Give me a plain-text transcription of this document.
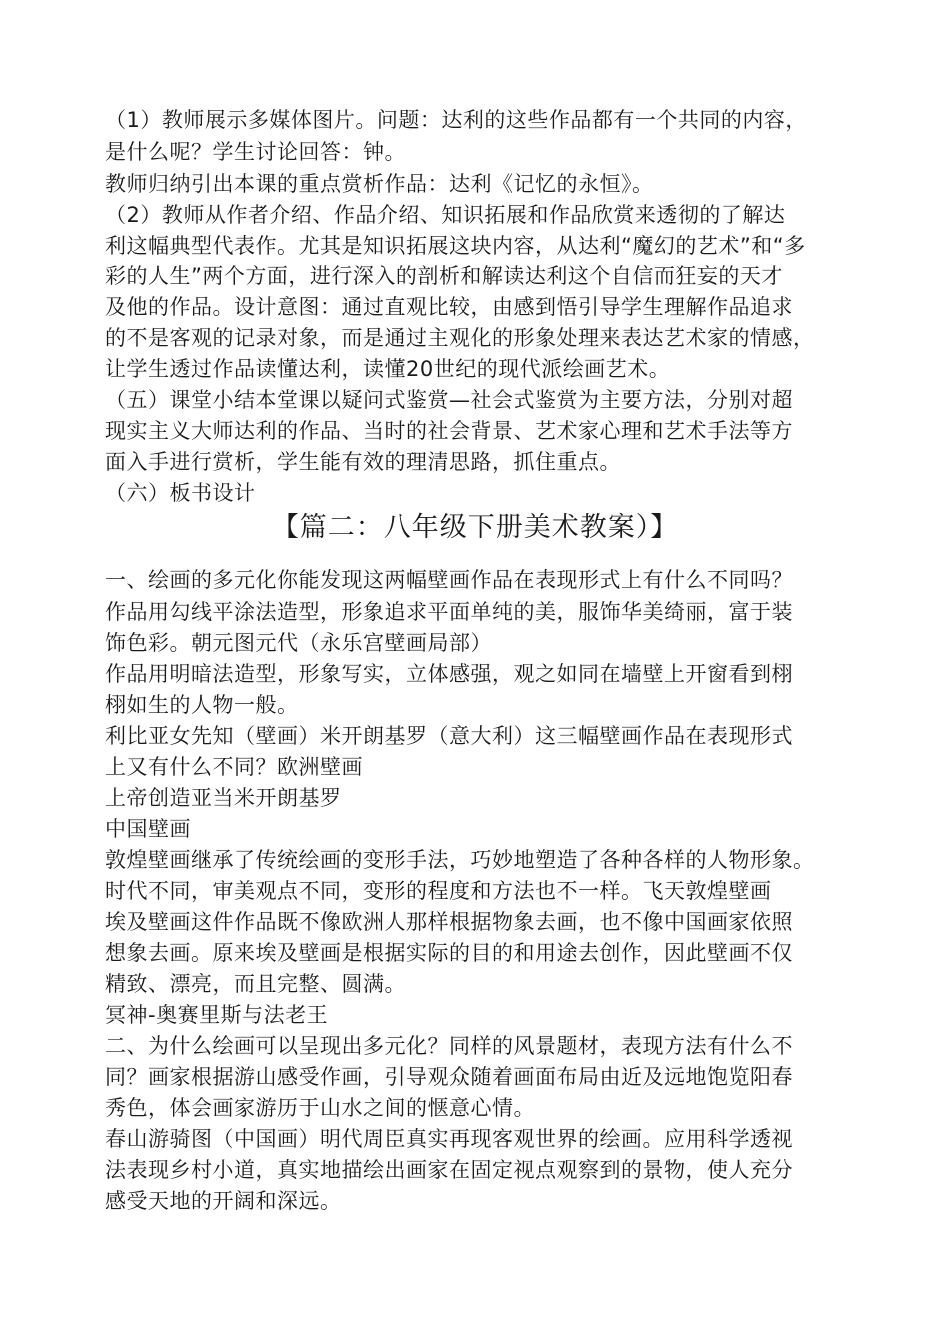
（1）教师展示多媒体图片。问题：达利的这些作品都有一个共同的内容，
是什么呢？学生讨论回答：钟。
教师归纳引出本课的重点赏析作品：达利《记忆的永恒》。
（2）教师从作者介绍、作品介绍、知识拓展和作品欣赏来透彻的了解达
利这幅典型代表作。尤其是知识拓展这块内容，从达利“魔幻的艺术”和“多
彩的人生”两个方面，进行深入的剖析和解读达利这个自信而狂妄的天才
及他的作品。设计意图：通过直观比较，由感到悟引导学生理解作品追求
的不是客观的记录对象，而是通过主观化的形象处理来表达艺术家的情感，
让学生透过作品读懂达利，读懂20世纪的现代派绘画艺术。
（五）课堂小结本堂课以疑问式鉴赏—社会式鉴赏为主要方法，分别对超
现实主义大师达利的作品、当时的社会背景、艺术家心理和艺术手法等方
面入手进行赏析，学生能有效的理清思路，抓住重点。
（六）板书设计
【篇二：八年级下册美术教案）】
一、绘画的多元化你能发现这两幅壁画作品在表现形式上有什么不同吗？
作品用勾线平涂法造型，形象追求平面单纯的美，服饰华美绮丽，富于装
饰色彩。朝元图元代（永乐宫壁画局部）
作品用明暗法造型，形象写实，立体感强，观之如同在墙壁上开窗看到栩
栩如生的人物一般。
利比亚女先知（壁画）米开朗基罗（意大利）这三幅壁画作品在表现形式
上又有什么不同？欧洲壁画
上帝创造亚当米开朗基罗
中国壁画
敦煌壁画继承了传统绘画的变形手法，巧妙地塑造了各种各样的人物形象。
时代不同，审美观点不同，变形的程度和方法也不一样。飞天敦煌壁画
埃及壁画这件作品既不像欧洲人那样根据物象去画，也不像中国画家依照
想象去画。原来埃及壁画是根据实际的目的和用途去创作，因此壁画不仅
精致、漂亮，而且完整、圆满。
冥神-奥赛里斯与法老王
二、为什么绘画可以呈现出多元化？同样的风景题材，表现方法有什么不
同？画家根据游山感受作画，引导观众随着画面布局由近及远地饱览阳春
秀色，体会画家游历于山水之间的惬意心情。
春山游骑图（中国画）明代周臣真实再现客观世界的绘画。应用科学透视
法表现乡村小道，真实地描绘出画家在固定视点观察到的景物，使人充分
感受天地的开阔和深远。
